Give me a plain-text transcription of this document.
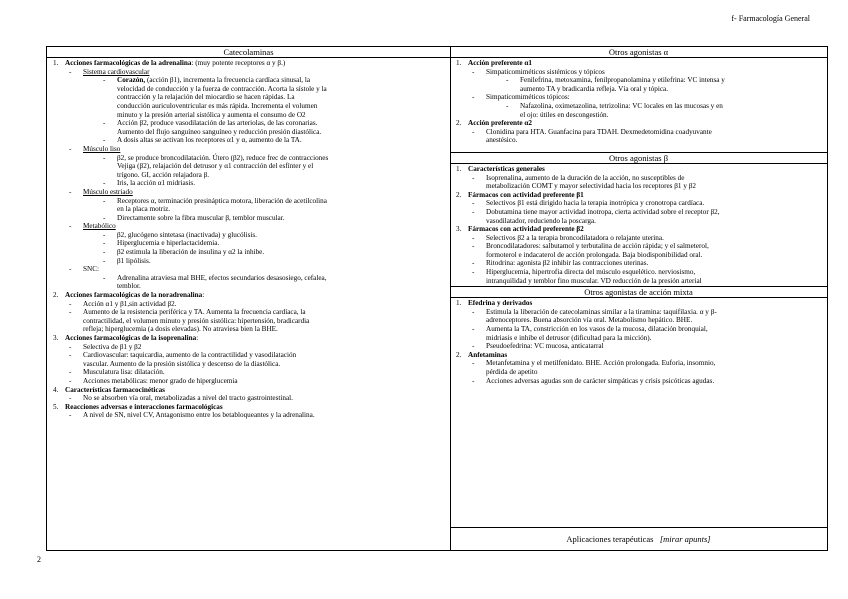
f- Farmacología General
Catecolaminas
1. Acciones farmacológicas de la adrenalina: (muy potente receptores α y β.)
-	Sistema cardiovascular
-	Corazón, (acción β1), incrementa la frecuencia cardíaca sinusal, la
velocidad de conducción y la fuerza de contracción. Acorta la sístole y la
contracción y la relajación del miocardio se hacen rápidas. La
conducción auriculoventricular es más rápida. Incrementa el volumen
minuto y la presión arterial sistólica y aumenta el consumo de O2
-	Acción β2, produce vasodilatación de las arteriolas, de las coronarias.
Aumento del flujo sanguíneo sanguíneo y reducción presión diastólica.
-	A dosis altas se activan los receptores α1 y α, aumento de la TA.
-	Músculo liso
-	β2, se produce broncodilatación. Útero (β2), reduce frec de contracciones
Vejiga (β2), relajación del detrusor y α1 contracción del esfínter y el
trígono. GI, acción relajadora β.
-	Iris, la acción α1 midriasis.
-	Músculo estriado
-	Receptores α, terminación presináptica motora, liberación de acetilcolina
en la placa motriz.
-	Directamente sobre la fibra muscular β, temblor muscular.
-	Metabólico
-	β2, glucógeno sintetasa (inactivada) y glucólisis.
-	Hiperglucemia e hiperlactacidemia.
-	β2 estimula la liberación de insulina y α2 la inhibe.
-	β1 lipólisis.
-	SNC:
-	Adrenalina atraviesa mal BHE, efectos secundarios desasosiego, cefalea,
temblor.
2. Acciones farmacológicas de la noradrenalina:
-	Acción α1 y β1,sin actividad β2.
-	Aumento de la resistencia periférica y TA. Aumenta la frecuencia cardíaca, la
contractilidad, el volumen minuto y presión sistólica: hipertensión, bradicardia
refleja; hiperglucemia (a dosis elevadas). No atraviesa bien la BHE.
3. Acciones farmacológicas de la isoprenalina:
-	Selectiva de β1 y β2
-	Cardiovascular: taquicardia, aumento de la contractilidad y vasodilatación
vascular. Aumento de la presión sistólica y descenso de la diastólica.
-	Musculatura lisa: dilatación.
-	Acciones metabólicas: menor grado de hiperglucemia
4. Características farmacocinéticas
-	No se absorben vía oral, metabolizadas a nivel del tracto gastrointestinal.
5. Reacciones adversas e interacciones farmacológicas
-	A nivel de SN, nivel CV, Antagonismo entre los betabloqueantes y la adrenalina.
Otros agonistas α
1. Acción preferente α1
-	Simpaticomiméticos sistémicos y tópicos
-	Fenilefrina, metoxamina, fenilpropanolamina y etilefrina: VC intensa y
aumento TA y bradicardia refleja. Vía oral y tópica.
-	Simpaticomiméticos tópicos:
-	Nafazolina, oximetazolina, tetrizolina: VC locales en las mucosas y en
el ojo: útiles en descongestión.
2. Acción preferente α2
-	Clonidina para HTA. Guanfacina para TDAH. Dexmedetomidina coadyuvante
anestésico.
Otros agonistas β
1. Características generales
-	Isoprenalina, aumento de la duración de la acción, no susceptibles de
metabolización COMT y mayor selectividad hacia los receptores β1 y β2
2. Fármacos con actividad preferente β1
-	Selectivos β1 está dirigido hacia la terapia inotrópica y cronotropa cardíaca.
-	Dobutamina tiene mayor actividad inotropa, cierta actividad sobre el receptor β2,
vasodilatador, reduciendo la poscarga.
3. Fármacos con actividad preferente β2
-	Selectivos β2 a la terapia broncodilatadora o relajante uterina.
-	Broncodilatadores: salbutamol y terbutalina de acción rápida; y el salmeterol,
formoterol e indacaterol de acción prolongada. Baja biodisponibilidad oral.
-	Ritodrina: agonista β2 inhibir las contracciones uterinas.
-	Hiperglucemia, hipertrofia directa del músculo esquelético. nerviosismo,
intranquilidad y temblor fino muscular. VD reducción de la presión arterial
Otros agonistas de acción mixta
1. Efedrina y derivados
-	Estimula la liberación de catecolaminas similar a la tiramina: taquifilaxia. α y β-
adrenoceptores. Buena absorción vía oral. Metabolismo hepático. BHE.
-	Aumenta la TA, constricción en los vasos de la mucosa, dilatación bronquial,
midriasis e inhibe el detrusor (dificultad para la micción).
-	Pseudoefedrina: VC mucosa, anticatarral
2. Anfetaminas
-	Metanfetamina y el metilfenidato. BHE. Acción prolongada. Euforia, insomnio,
pérdida de apetito
-	Acciones adversas agudas son de carácter simpáticas y crisis psicóticas agudas.
Aplicaciones terapéuticas [mirar apunts]
2
